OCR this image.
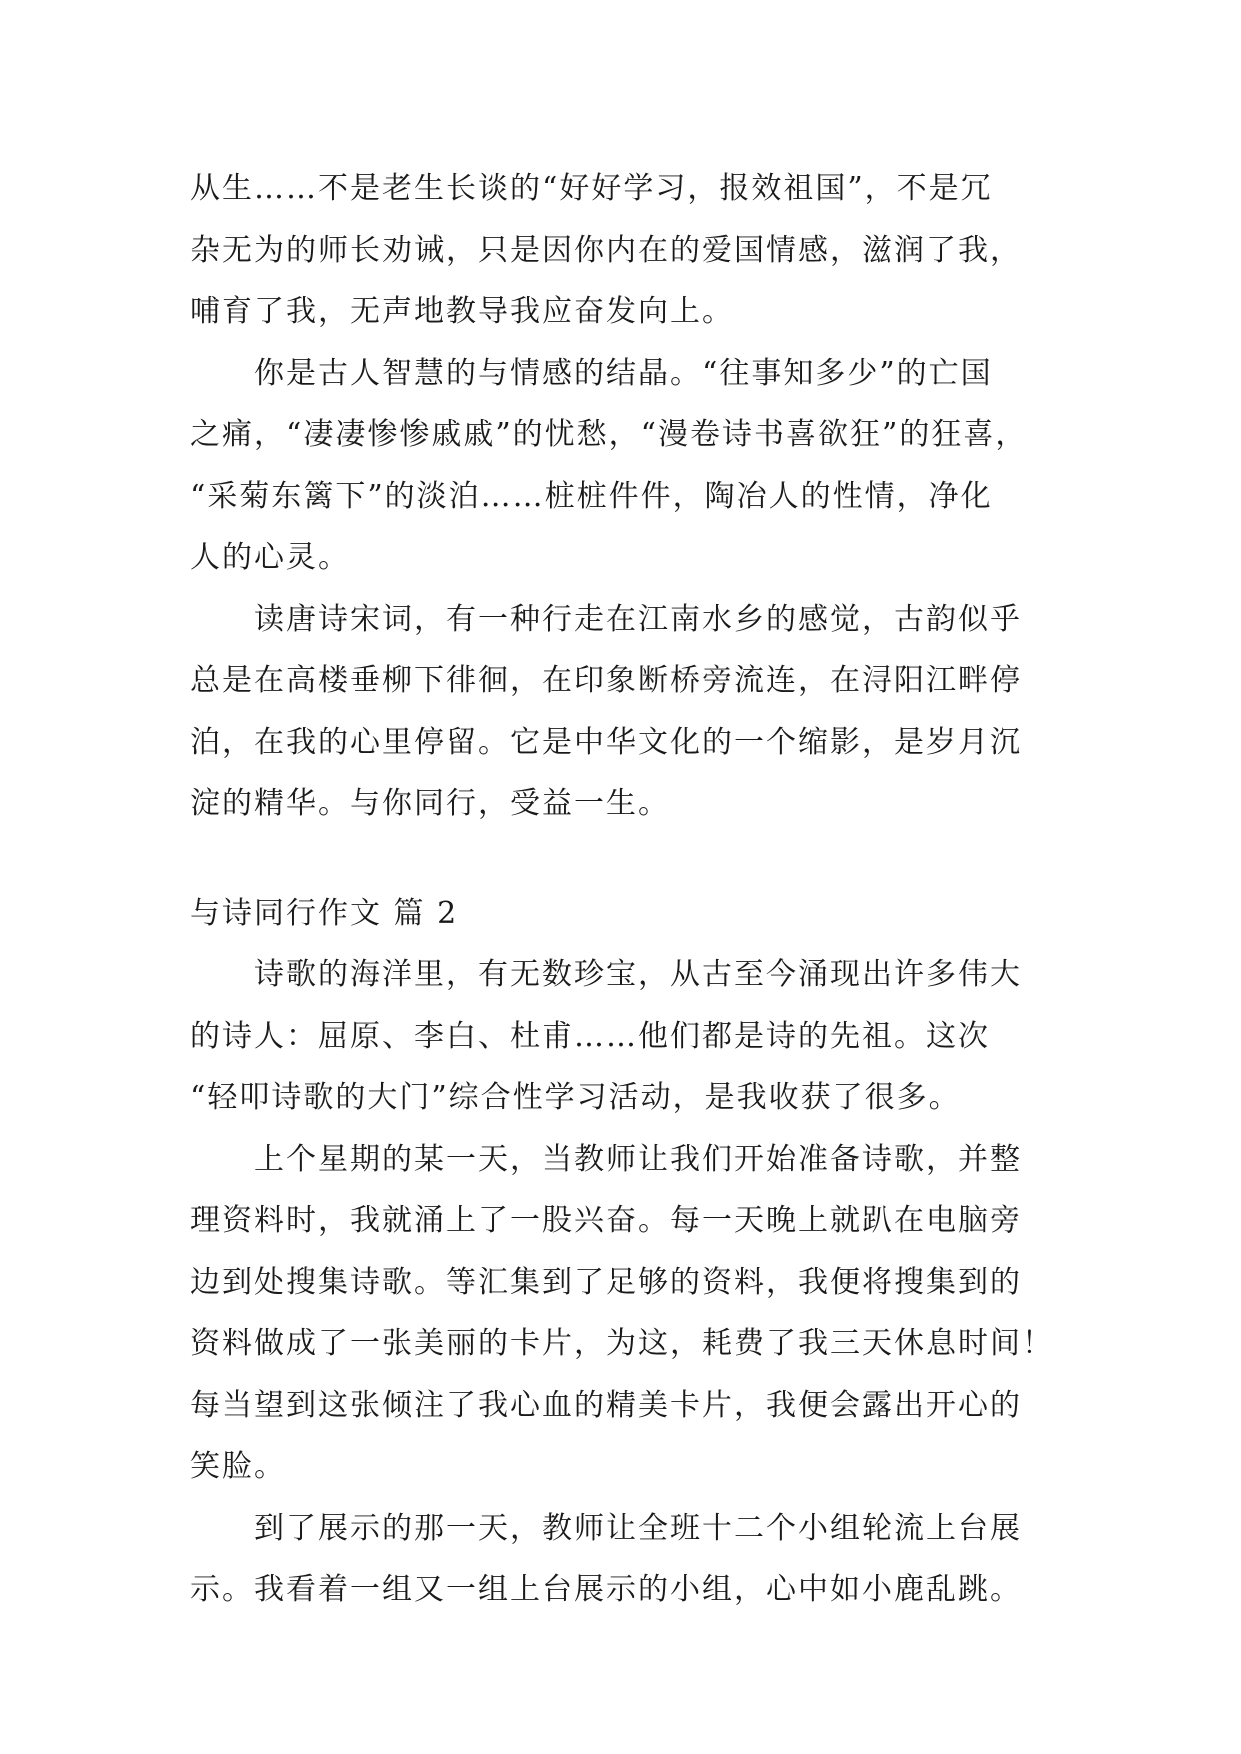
从生……不是老生长谈的“好好学习，报效祖国”，不是冗
杂无为的师长劝诫，只是因你内在的爱国情感，滋润了我，
哺育了我，无声地教导我应奋发向上。
你是古人智慧的与情感的结晶。“往事知多少”的亡国
之痛，“凄凄惨惨戚戚”的忧愁，“漫卷诗书喜欲狂”的狂喜，
“采菊东篱下”的淡泊……桩桩件件，陶冶人的性情，净化
人的心灵。
读唐诗宋词，有一种行走在江南水乡的感觉，古韵似乎
总是在高楼垂柳下徘徊，在印象断桥旁流连，在浔阳江畔停
泊，在我的心里停留。它是中华文化的一个缩影，是岁月沉
淀的精华。与你同行，受益一生。
与诗同行作文 篇 2
诗歌的海洋里，有无数珍宝，从古至今涌现出许多伟大
的诗人：屈原、李白、杜甫……他们都是诗的先祖。这次
“轻叩诗歌的大门”综合性学习活动，是我收获了很多。
上个星期的某一天，当教师让我们开始准备诗歌，并整
理资料时，我就涌上了一股兴奋。每一天晚上就趴在电脑旁
边到处搜集诗歌。等汇集到了足够的资料，我便将搜集到的
资料做成了一张美丽的卡片，为这，耗费了我三天休息时间！
每当望到这张倾注了我心血的精美卡片，我便会露出开心的
笑脸。
到了展示的那一天，教师让全班十二个小组轮流上台展
示。我看着一组又一组上台展示的小组，心中如小鹿乱跳。
